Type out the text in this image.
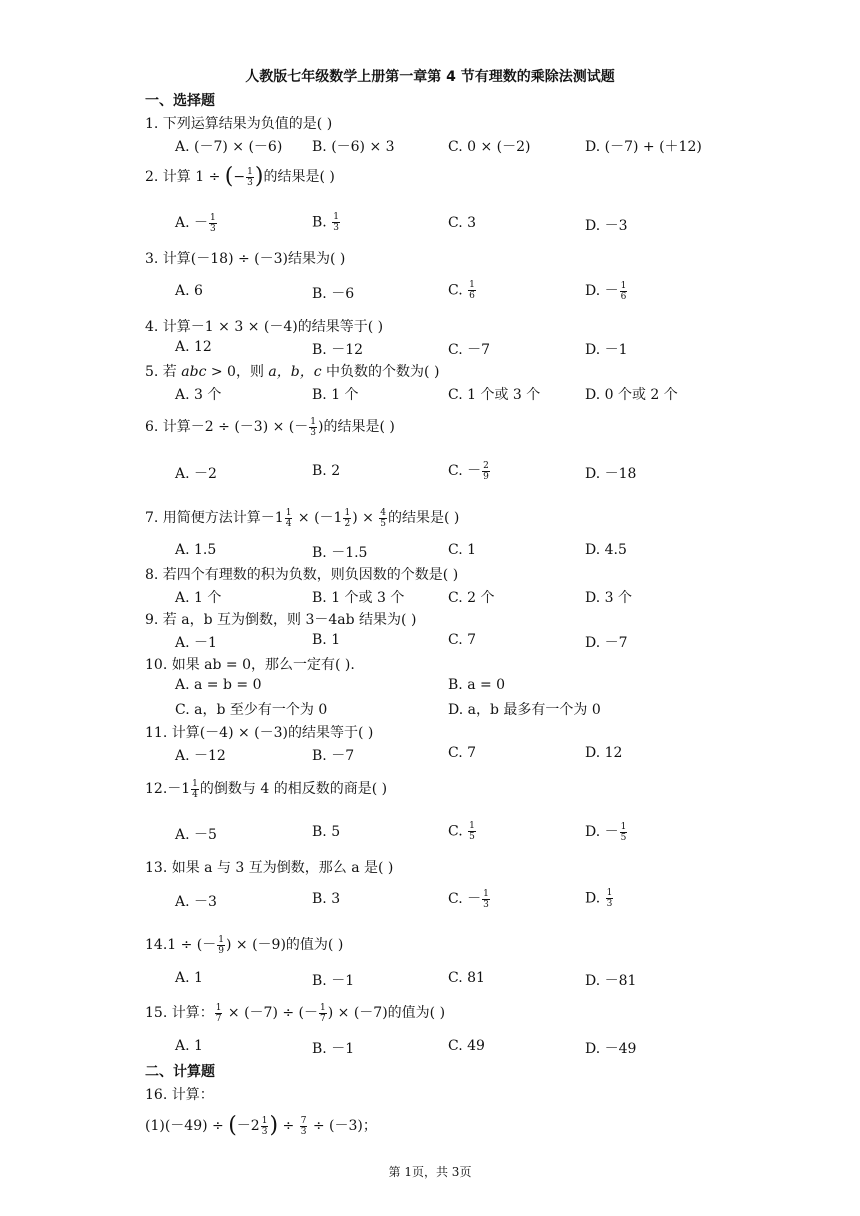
人教版七年级数学上册第一章第 4 节有理数的乘除法测试题
一、选择题
1. 下列运算结果为负值的是( )
A. (－7) × (－6) B. (－6) × 3	C. 0 × (－2)	D. (－7) + (＋12)
2. 计算 1 ÷ (− $\frac{1}{3}$ )的结果是( )
A. － $\frac{1}{3}$	B. $\frac{1}{3}$	C. 3	D. －3
3. 计算(－18) ÷ (－3)结果为( )
A. 6	B. －6	C. $\frac{1}{6}$	D. － $\frac{1}{6}$
4. 计算－1 × 3 × (－4)的结果等于( )
A. 12	B. －12	C. －7	D. －1
5. 若 abc > 0，则 a，b，c 中负数的个数为( )
A. 3 个	B. 1 个	C. 1 个或 3 个	D. 0 个或 2 个
6. 计算－2 ÷ (－3) × (－ $\frac{1}{3}$ )的结果是( )
A. －2	B. 2	C. － $\frac{2}{9}$	D. －18
7. 用简便方法计算$-1 \frac{1}{4} \times (-1 \frac{1}{2}$ ) × $\frac{4}{5}$ 的结果是( )
A. 1.5	B. －1.5	C. 1	D. 4.5
8. 若四个有理数的积为负数，则负因数的个数是( )
A. 1 个	B. 1 个或 3 个	C. 2 个	D. 3 个
9. 若 a，b 互为倒数，则 3－4ab 结果为( )
A. －1	B. 1	C. 7	D. －7
10. 如果 ab = 0，那么一定有( ).
A. a = b = 0	B. a = 0
C. a，b 至少有一个为 0	D. a，b 最多有一个为 0
11. 计算(－4) × (－3)的结果等于( )
A. －12	B. －7	C. 7	D. 12
$12.-1 \frac{1}{4}$ 的倒数与 4 的相反数的商是( )
A. －5	B. 5	C. $\frac{1}{5}$	D. － $\frac{1}{5}$
13. 如果 a 与 3 互为倒数，那么 a 是( )
A. －3	B. 3	C. － $\frac{1}{3}$	D. $\frac{1}{3}$
14.1 ÷ (－ $\frac{1}{9}$ ) × (－9)的值为( )
A. 1	B. －1	C. 81	D. －81
15. 计算： $\frac{1}{7} \times (-7)$ ÷ (－ $\frac{1}{7}$ ) × (－7)的值为( )
A. 1	B. －1	C. 49	D. －49
二、计算题
16. 计算：
$(1)(-49) \div (-2 \frac{1}{3}$ ) ÷ $\frac{7}{3} \div (-3)$；
第 1页，共 3页
